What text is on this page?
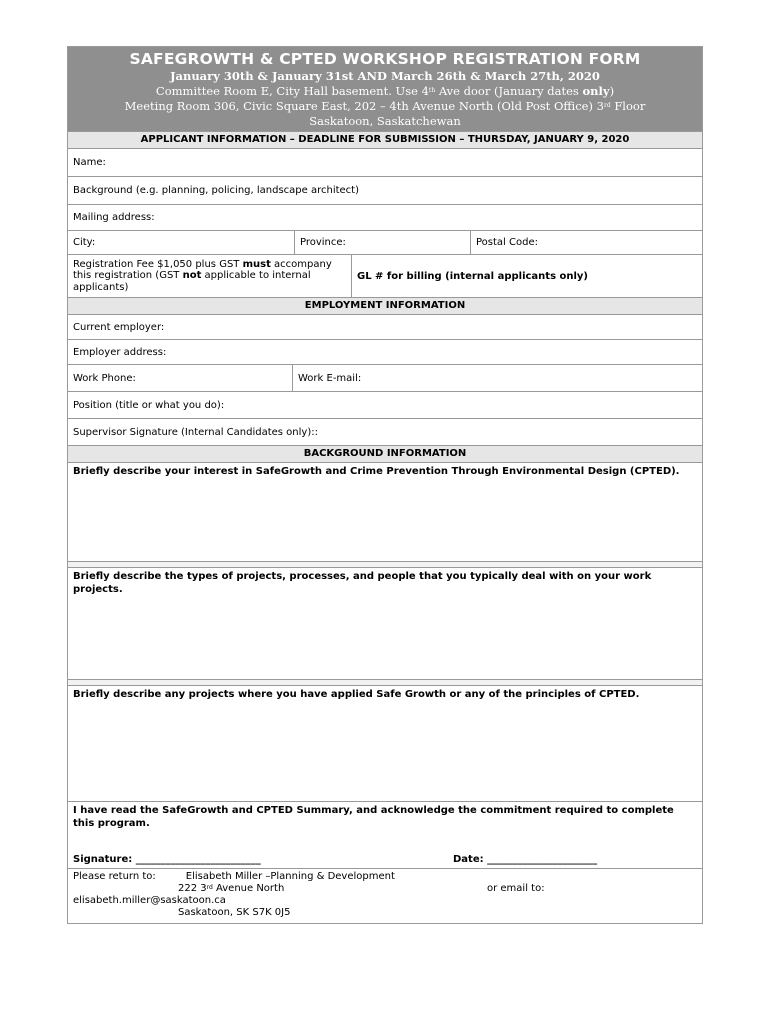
SAFEGROWTH & CPTED WORKSHOP REGISTRATION FORM
January 30th & January 31st AND March 26th & March 27th, 2020
Committee Room E, City Hall basement. Use 4th Ave door (January dates only)
Meeting Room 306, Civic Square East, 202 – 4th Avenue North (Old Post Office) 3rd Floor
Saskatoon, Saskatchewan
APPLICANT INFORMATION – DEADLINE FOR SUBMISSION – THURSDAY, JANUARY 9, 2020
Name:
Background (e.g. planning, policing, landscape architect)
Mailing address:
City:	Province:	Postal Code:
Registration Fee $1,050 plus GST must accompany this registration (GST not applicable to internal applicants)
GL # for billing (internal applicants only)
EMPLOYMENT INFORMATION
Current employer:
Employer address:
Work Phone:	Work E-mail:
Position (title or what you do):
Supervisor Signature (Internal Candidates only)::
BACKGROUND INFORMATION
Briefly describe your interest in SafeGrowth and Crime Prevention Through Environmental Design (CPTED).
Briefly describe the types of projects, processes, and people that you typically deal with on your work projects.
Briefly describe any projects where you have applied Safe Growth or any of the principles of CPTED.
I have read the SafeGrowth and CPTED Summary, and acknowledge the commitment required to complete this program.
Signature: _________________________	Date: ______________________
Please return to:	Elisabeth Miller –Planning & Development
222 3rd Avenue North	or email to:
elisabeth.miller@saskatoon.ca
Saskatoon, SK S7K 0J5
